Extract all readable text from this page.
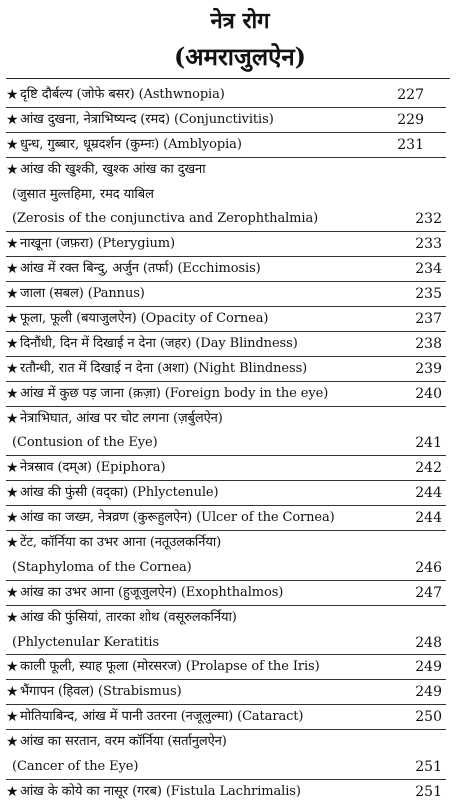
नेत्र रोग
(अमराजुलऐन)
★ दृष्टि दौर्बल्य (जोफे बसर) (Asthwnopia)	227
★ आंख दुखना, नेत्राभिष्यन्द (रमद) (Conjunctivitis)	229
★ धुन्ध, गुब्बार, धूम्रदर्शन (कुम्नः) (Amblyopia)	231
★ आंख की खुश्की, खुश्क आंख का दुखना
(जुसात मुल्तहिमा, रमद याबिल
(Zerosis of the conjunctiva and Zerophthalmia)	232
★ नाखूना (जफ़रा) (Pterygium)	233
★ आंख में रक्त बिन्दु, अर्जुन (तर्फा) (Ecchimosis)	234
★ जाला (सबल) (Pannus)	235
★ फूला, फूली (बयाजुलऐन) (Opacity of Cornea)	237
★ दिनौंधी, दिन में दिखाई न देना (जहर) (Day Blindness)	238
★ रतौन्धी, रात में दिखाई न देना (अशा) (Night Blindness)	239
★ आंख में कुछ पड़ जाना (क़ज़ा) (Foreign body in the eye)	240
★ नेत्राभिघात, आंख पर चोट लगना (ज़र्बुलऐन)
(Contusion of the Eye)	241
★ नेत्रस्राव (दम्अ) (Epiphora)	242
★ आंख की फुंसी (वद्का) (Phlyctenule)	244
★ आंख का जख्म, नेत्रव्रण (कुरूहुलऐन) (Ulcer of the Cornea)	244
★ टेंट, कॉर्निया का उभर आना (नतूउलकर्निया)
(Staphyloma of the Cornea)	246
★ आंख का उभर आना (हुजूजुलऐन) (Exophthalmos)	247
★ आंख की फुंसियां, तारका शोथ (वसूरुलकर्निया)
(Phlyctenular Keratitis	248
★ काली फूली, स्याह फूला (मोरसरज) (Prolapse of the Iris)	249
★ भैंगापन (हिवल) (Strabismus)	249
★ मोतियाबिन्द, आंख में पानी उतरना (नजूलुल्मा) (Cataract)	250
★ आंख का सरतान, वरम कॉर्निया (सर्तानुलऐन)
(Cancer of the Eye)	251
★ आंख के कोये का नासूर (गरब) (Fistula Lachrimalis)	251
